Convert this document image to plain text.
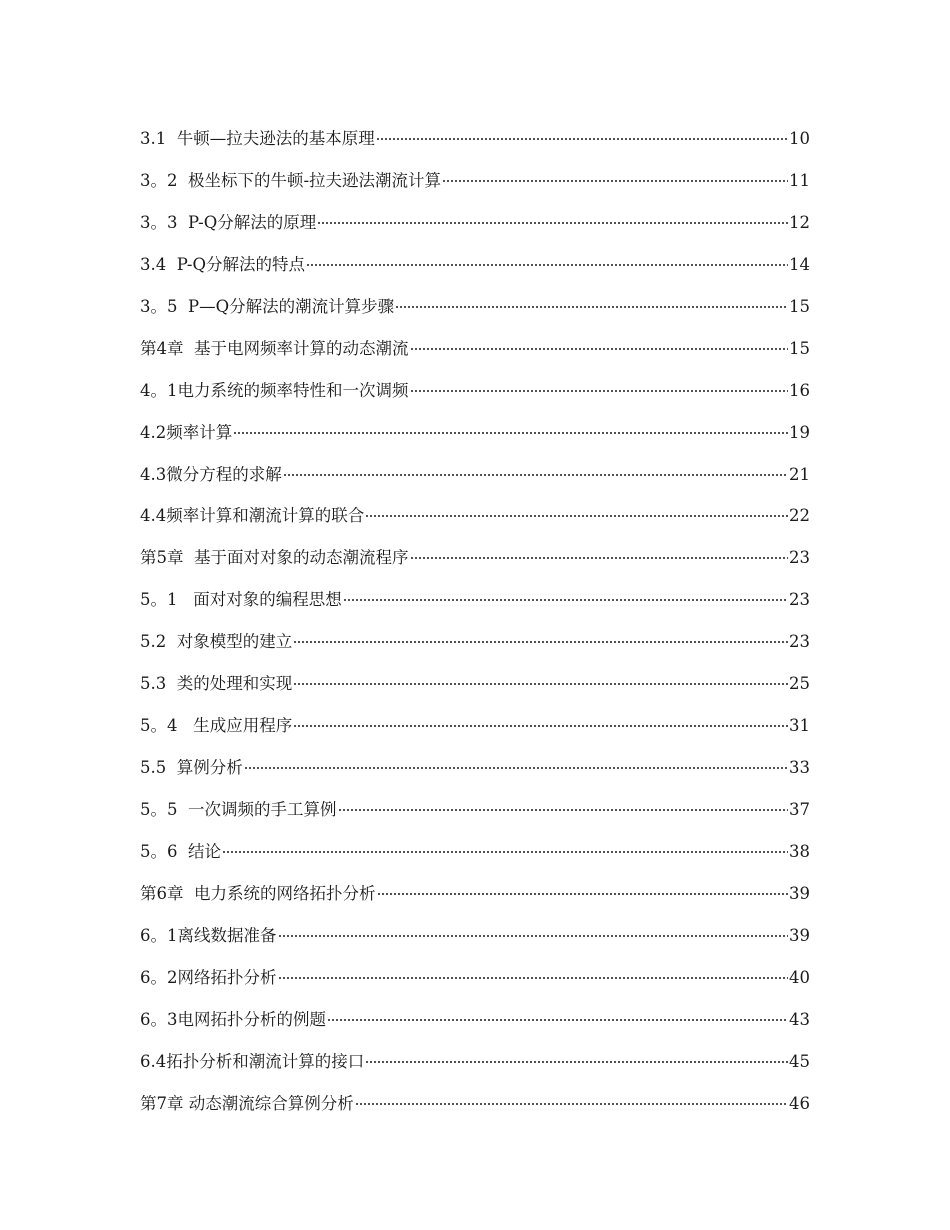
3.1  牛顿—拉夫逊法的基本原理	10
3。2  极坐标下的牛顿-拉夫逊法潮流计算	11
3。3  P-Q分解法的原理	12
3.4  P-Q分解法的特点	14
3。5  P—Q分解法的潮流计算步骤	15
第4章  基于电网频率计算的动态潮流	15
4。1电力系统的频率特性和一次调频	16
4.2频率计算	19
4.3微分方程的求解	21
4.4频率计算和潮流计算的联合	22
第5章  基于面对对象的动态潮流程序	23
5。1   面对对象的编程思想	23
5.2  对象模型的建立	23
5.3  类的处理和实现	25
5。4   生成应用程序	31
5.5  算例分析	33
5。5  一次调频的手工算例	37
5。6  结论	38
第6章  电力系统的网络拓扑分析	39
6。1离线数据准备	39
6。2网络拓扑分析	40
6。3电网拓扑分析的例题	43
6.4拓扑分析和潮流计算的接口	45
第7章 动态潮流综合算例分析	46
